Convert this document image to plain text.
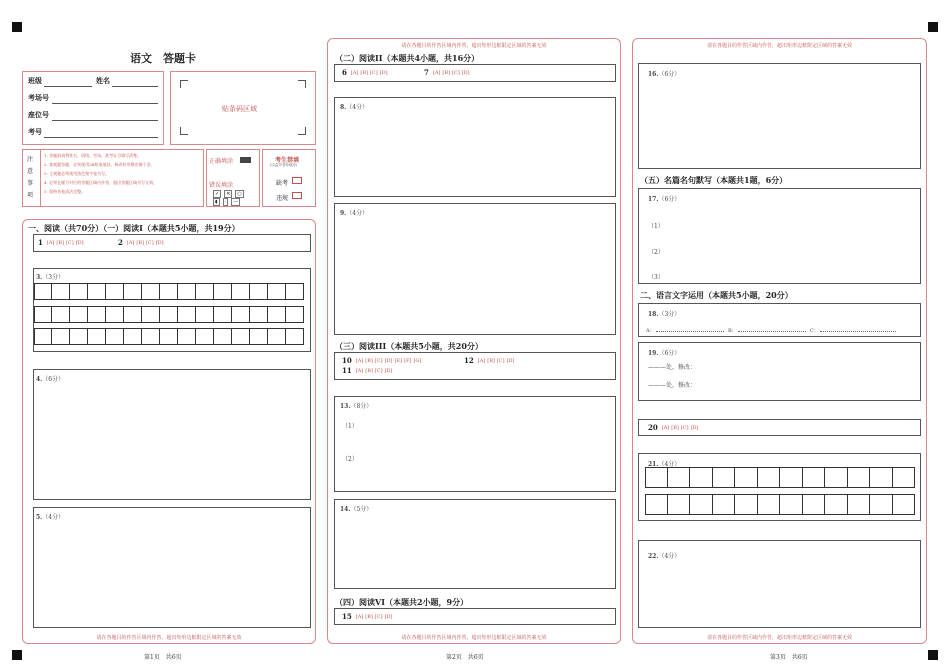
语文　答题卡
班级	姓名
考场号
座位号
考号
贴条码区域
注
意
事
项
1. 答题前请将姓名、班级、考场、准考证号填写清楚。
2. 客观题答题，必须使用2B铅笔填涂，修改时用橡皮擦干净。
3. 主观题必须使用黑色签字笔书写。
4. 必须在题号对应的答题区域内作答，超出答题区域书写无效。
5. 保持答卷清洁完整。
正确填涂
错误填涂
✓	✕	○
◖	·	—
考生禁填
(由监考老师填涂)
缺考
违规
一、阅读（共70分）（一）阅读I（本题共5小题，共19分）
1 [A] [B] [C] [D]	2 [A] [B] [C] [D]
3.（3分）
4.（6分）
5.（4分）
请在各题目的作答区域内作答，超出矩形边框限定区域的答案无效
第1页　共6页
请在各题目的作答区域内作答，超出矩形边框限定区域的答案无效
（二）阅读II（本题共4小题，共16分）
6 [A] [B] [C] [D]	7 [A] [B] [C] [D]
8.（4分）
9.（4分）
（三）阅读III（本题共5小题，共20分）
10 [A] [B] [C] [D] [E] [F] [G]	12 [A] [B] [C] [D]
11 [A] [B] [C] [D]
13.（8分）
（1）
（2）
14.（5分）
（四）阅读VI（本题共2小题，9分）
15 [A] [B] [C] [D]
请在各题目的作答区域内作答，超出矩形边框限定区域的答案无效
第2页　共6页
请在各题目的作答区域内作答，超出矩形边框限定区域的答案无效
16.（6分）
（五）名篇名句默写（本题共1题，6分）
17.（6分）
（1）
（2）
（3）
二、语言文字运用（本题共5小题，20分）
18.（3分）
A：	B：	C：
19.（6分）
———处，修改：
———处，修改：
20 [A] [B] [C] [D]
21.（4分）
22.（4分）
请在各题目的作答区域内作答，超出矩形边框限定区域的答案无效
第3页　共6页
